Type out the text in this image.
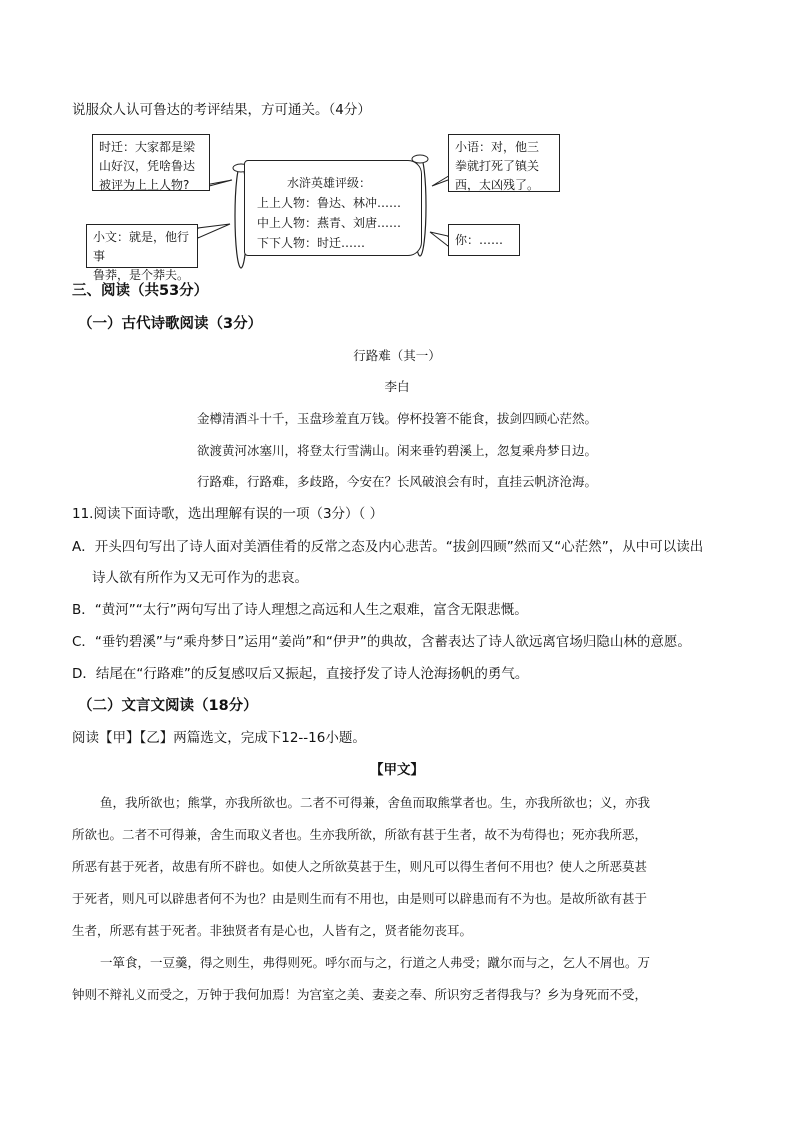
说服众人认可鲁达的考评结果，方可通关。（4分）

时迁：大家都是梁
山好汉，凭啥鲁达
被评为上上人物?
小文：就是，他行事
鲁莽，是个莽夫。
水浒英雄评级：
上上人物：鲁达、林冲……
中上人物：燕青、刘唐……
下下人物：时迁……
小语：对，他三
拳就打死了镇关
西，太凶残了。
你：……

三、阅读（共53分）

（一）古代诗歌阅读（3分）

行路难（其一）

李白

金樽清酒斗十千，玉盘珍羞直万钱。停杯投箸不能食，拔剑四顾心茫然。

欲渡黄河冰塞川，将登太行雪满山。闲来垂钓碧溪上，忽复乘舟梦日边。

行路难，行路难，多歧路，今安在？长风破浪会有时，直挂云帆济沧海。

11.阅读下面诗歌，选出理解有误的一项（3分）（ ）

A．开头四句写出了诗人面对美酒佳肴的反常之态及内心悲苦。“拔剑四顾”然而又“心茫然”，从中可以读出

诗人欲有所作为又无可作为的悲哀。

B．“黄河”“太行”两句写出了诗人理想之高远和人生之艰难，富含无限悲慨。

C．“垂钓碧溪”与“乘舟梦日”运用“姜尚”和“伊尹”的典故，含蓄表达了诗人欲远离官场归隐山林的意愿。

D．结尾在“行路难”的反复感叹后又振起，直接抒发了诗人沧海扬帆的勇气。

（二）文言文阅读（18分）

阅读【甲】【乙】两篇选文，完成下12--16小题。

【甲文】

鱼，我所欲也；熊掌，亦我所欲也。二者不可得兼，舍鱼而取熊掌者也。生，亦我所欲也；义，亦我

所欲也。二者不可得兼，舍生而取义者也。生亦我所欲，所欲有甚于生者，故不为苟得也；死亦我所恶，

所恶有甚于死者，故患有所不辟也。如使人之所欲莫甚于生，则凡可以得生者何不用也？使人之所恶莫甚

于死者，则凡可以辟患者何不为也？由是则生而有不用也，由是则可以辟患而有不为也。是故所欲有甚于

生者，所恶有甚于死者。非独贤者有是心也，人皆有之，贤者能勿丧耳。

一箪食，一豆羹，得之则生，弗得则死。呼尔而与之，行道之人弗受；蹴尔而与之，乞人不屑也。万

钟则不辩礼义而受之，万钟于我何加焉！为宫室之美、妻妾之奉、所识穷乏者得我与？乡为身死而不受，
